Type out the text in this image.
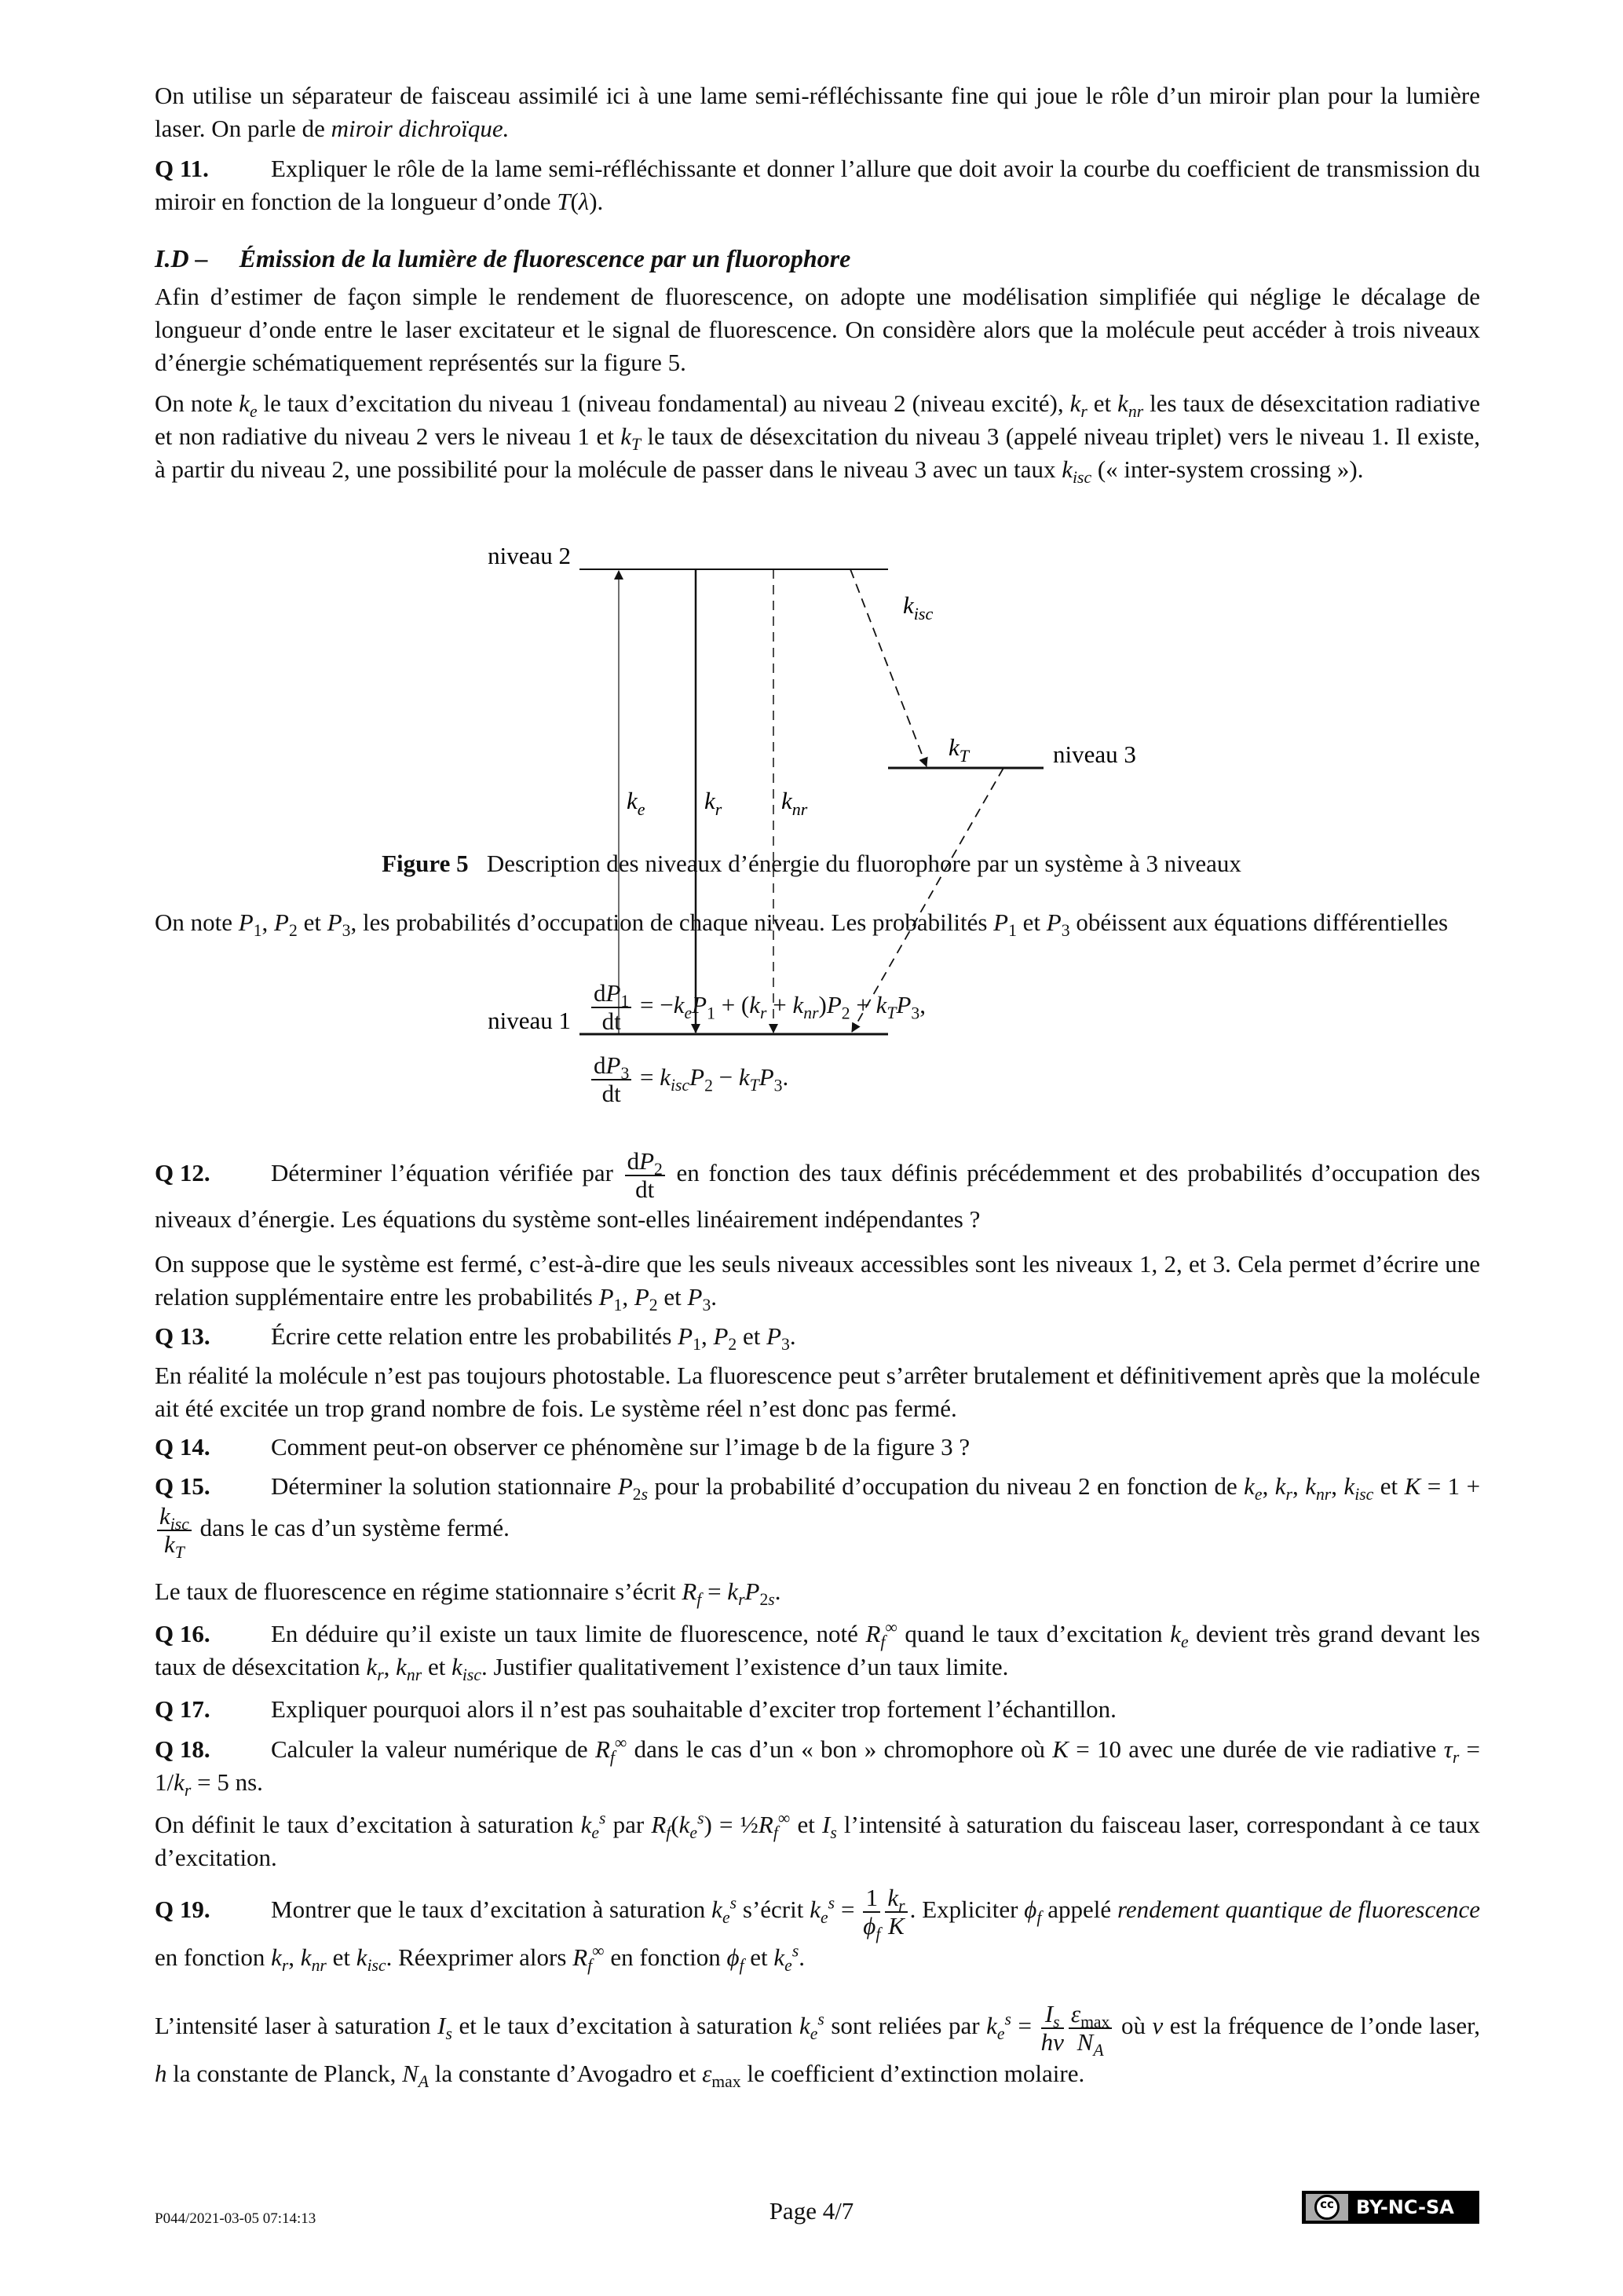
On utilise un séparateur de faisceau assimilé ici à une lame semi-réfléchissante fine qui joue le rôle d’un miroir plan pour la lumière laser. On parle de miroir dichroïque.
Q 11.	Expliquer le rôle de la lame semi-réfléchissante et donner l’allure que doit avoir la courbe du coefficient de transmission du miroir en fonction de la longueur d’onde T(λ).
I.D –     Émission de la lumière de fluorescence par un fluorophore
Afin d’estimer de façon simple le rendement de fluorescence, on adopte une modélisation simplifiée qui néglige le décalage de longueur d’onde entre le laser excitateur et le signal de fluorescence. On considère alors que la molécule peut accéder à trois niveaux d’énergie schématiquement représentés sur la figure 5.
On note $k_e$ le taux d’excitation du niveau 1 (niveau fondamental) au niveau 2 (niveau excité), $k_r$ et $k_{nr}$ les taux de désexcitation radiative et non radiative du niveau 2 vers le niveau 1 et $k_T$ le taux de désexcitation du niveau 3 (appelé niveau triplet) vers le niveau 1. Il existe, à partir du niveau 2, une possibilité pour la molécule de passer dans le niveau 3 avec un taux $k_{isc}$ (« inter-system crossing »).
niveau 2
niveau 1
niveau 3
$k_e$ $k_r$ $k_{nr}$
$k_{isc}$
$k_T$
Figure 5 Description des niveaux d’énergie du fluorophore par un système à 3 niveaux
On note $P_1$, $P_2$ et $P_3$, les probabilités d’occupation de chaque niveau. Les probabilités $P_1$ et $P_3$ obéissent aux équations différentielles
$\frac{dP_1}{dt} = -k_eP_1 + (k_r + k_{nr})P_2 + k_TP_3$,
$\frac{dP_3}{dt} = k_{isc}P_2 - k_TP_3$.
Q 12. Déterminer l’équation vérifiée par $\frac{dP_2}{dt}$ en fonction des taux définis précédemment et des probabilités d’occupation des niveaux d’énergie. Les équations du système sont-elles linéairement indépendantes ?
On suppose que le système est fermé, c’est-à-dire que les seuls niveaux accessibles sont les niveaux 1, 2, et 3. Cela permet d’écrire une relation supplémentaire entre les probabilités $P_1$, $P_2$ et $P_3$.
Q 13. Écrire cette relation entre les probabilités $P_1$, $P_2$ et $P_3$.
En réalité la molécule n’est pas toujours photostable. La fluorescence peut s’arrêter brutalement et définitivement après que la molécule ait été excitée un trop grand nombre de fois. Le système réel n’est donc pas fermé.
Q 14. Comment peut-on observer ce phénomène sur l’image b de la figure 3 ?
Q 15. Déterminer la solution stationnaire $P_{2s}$ pour la probabilité d’occupation du niveau 2 en fonction de $k_e$, $k_r$, $k_{nr}$, $k_{isc}$ et K = 1 +
$k_{isc}$
$k_T$
dans le cas d’un système fermé.
Le taux de fluorescence en régime stationnaire s’écrit $R_f = k_rP_{2s}$.
Q 16. En déduire qu’il existe un taux limite de fluorescence, noté $R_f^\infty$ quand le taux d’excitation $k_e$ devient très grand devant les taux de désexcitation $k_r$, $k_{nr}$ et $k_{isc}$. Justifier qualitativement l’existence d’un taux limite.
Q 17. Expliquer pourquoi alors il n’est pas souhaitable d’exciter trop fortement l’échantillon.
Q 18. Calculer la valeur numérique de $R_f^\infty$ dans le cas d’un « bon » chromophore où K = 10 avec une durée de vie radiative $\tau_r = 1/k_r = 5$ ns.
On définit le taux d’excitation à saturation $k_e^s$ par $R_f(k_e^s)$ = $\frac{1}{2}R_f^\infty$ et $I_s$ l’intensité à saturation du faisceau laser, correspondant à ce taux d’excitation.
Q 19. Montrer que le taux d’excitation à saturation $k_e^s$ s’écrit $k_e^s = \frac{1}{\phi_f} \frac{k_r}{K}$ . Expliciter $\phi_f$ appelé rendement quantique de fluorescence en fonction $k_r$, $k_{nr}$ et $k_{isc}$. Réexprimer alors $R_f^\infty$ en fonction $\phi_f$ et $k_e^s$.
L’intensité laser à saturation $I_s$ et le taux d’excitation à saturation $k_e^s$ sont reliées par $k_e^s = \frac{I_s}{h\nu} \varepsilon_{max}$
$N_A$
où ν est la fréquence de l’onde laser, h la constante de Planck, $N_A$ la constante d’Avogadro et $\varepsilon_{max}$ le coefficient d’extinction molaire.
P044/2021-03-05 07:14:13	Page 4/7	cc BY-NC-SA
